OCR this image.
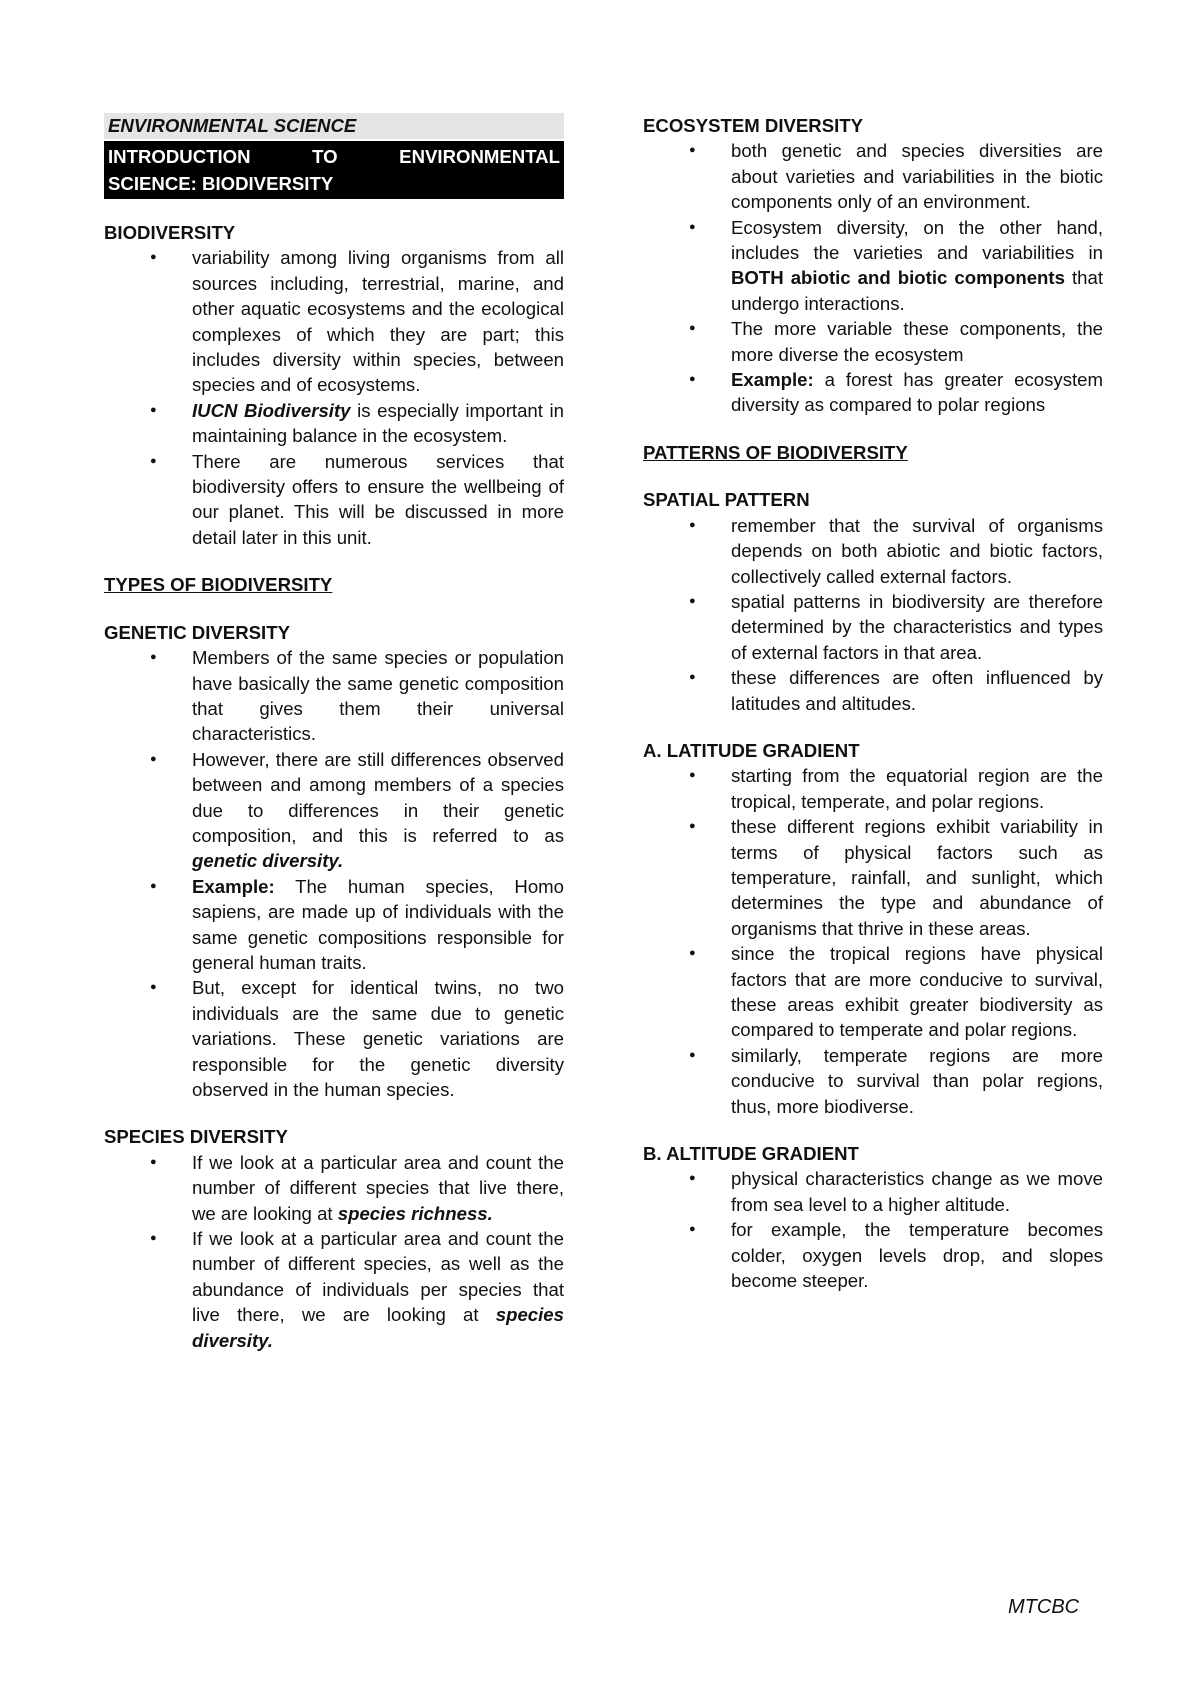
ENVIRONMENTAL SCIENCE
INTRODUCTION	TO	ENVIRONMENTAL
SCIENCE: BIODIVERSITY
BIODIVERSITY
● variability among living organisms from all sources including, terrestrial, marine, and other aquatic ecosystems and the ecological complexes of which they are part; this includes diversity within species, between species and of ecosystems.
● IUCN Biodiversity is especially important in maintaining balance in the ecosystem.
● There are numerous services that biodiversity offers to ensure the wellbeing of our planet. This will be discussed in more detail later in this unit.
TYPES OF BIODIVERSITY
GENETIC DIVERSITY
● Members of the same species or population have basically the same genetic composition that gives them their universal characteristics.
● However, there are still differences observed between and among members of a species due to differences in their genetic composition, and this is referred to as genetic diversity.
● Example: The human species, Homo sapiens, are made up of individuals with the same genetic compositions responsible for general human traits.
● But, except for identical twins, no two individuals are the same due to genetic variations. These genetic variations are responsible for the genetic diversity observed in the human species.
SPECIES DIVERSITY
● If we look at a particular area and count the number of different species that live there, we are looking at species richness.
● If we look at a particular area and count the number of different species, as well as the abundance of individuals per species that live there, we are looking at species diversity.
ECOSYSTEM DIVERSITY
● both genetic and species diversities are about varieties and variabilities in the biotic components only of an environment.
● Ecosystem diversity, on the other hand, includes the varieties and variabilities in BOTH abiotic and biotic components that undergo interactions.
● The more variable these components, the more diverse the ecosystem
● Example: a forest has greater ecosystem diversity as compared to polar regions
PATTERNS OF BIODIVERSITY
SPATIAL PATTERN
● remember that the survival of organisms depends on both abiotic and biotic factors, collectively called external factors.
● spatial patterns in biodiversity are therefore determined by the characteristics and types of external factors in that area.
● these differences are often influenced by latitudes and altitudes.
A. LATITUDE GRADIENT
● starting from the equatorial region are the tropical, temperate, and polar regions.
● these different regions exhibit variability in terms of physical factors such as temperature, rainfall, and sunlight, which determines the type and abundance of organisms that thrive in these areas.
● since the tropical regions have physical factors that are more conducive to survival, these areas exhibit greater biodiversity as compared to temperate and polar regions.
● similarly, temperate regions are more conducive to survival than polar regions, thus, more biodiverse.
B. ALTITUDE GRADIENT
● physical characteristics change as we move from sea level to a higher altitude.
● for example, the temperature becomes colder, oxygen levels drop, and slopes become steeper.
MTCBC
